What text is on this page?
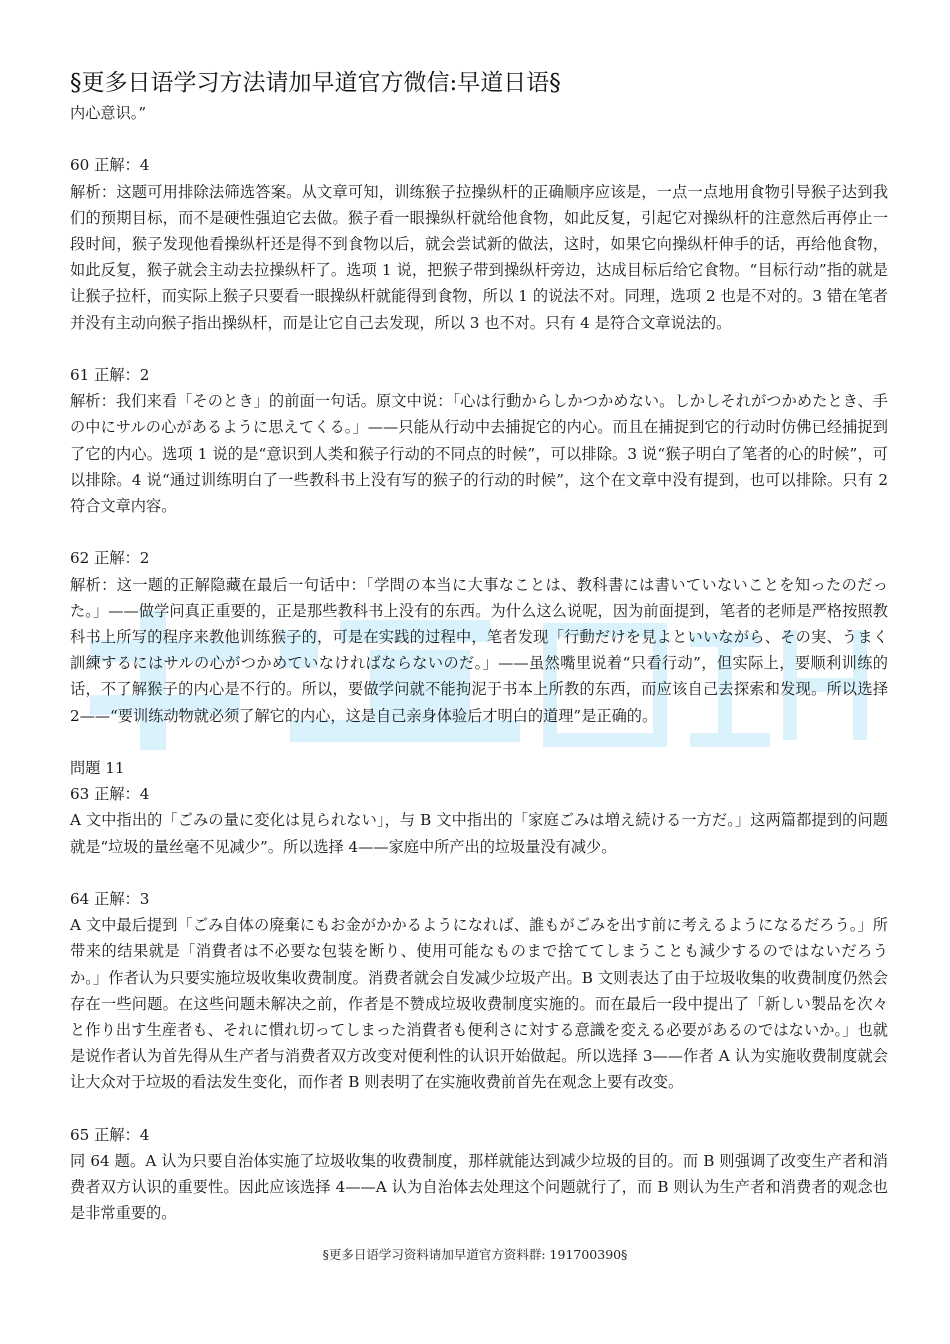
§更多日语学习方法请加早道官方微信:早道日语§

内心意识。”

60 正解：4

解析：这题可用排除法筛选答案。从文章可知，训练猴子拉操纵杆的正确顺序应该是，一点一点地用食物引导猴子达到我们的预期目标，而不是硬性强迫它去做。猴子看一眼操纵杆就给他食物，如此反复，引起它对操纵杆的注意然后再停止一段时间，猴子发现他看操纵杆还是得不到食物以后，就会尝试新的做法，这时，如果它向操纵杆伸手的话，再给他食物，如此反复，猴子就会主动去拉操纵杆了。选项 1 说，把猴子带到操纵杆旁边，达成目标后给它食物。“目标行动”指的就是让猴子拉杆，而实际上猴子只要看一眼操纵杆就能得到食物，所以 1 的说法不对。同理，选项 2 也是不对的。3 错在笔者并没有主动向猴子指出操纵杆，而是让它自己去发现，所以 3 也不对。只有 4 是符合文章说法的。

61 正解：2

解析：我们来看「そのとき」的前面一句话。原文中说：「心は行動からしかつかめない。しかしそれがつかめたとき、手の中にサルの心があるように思えてくる。」——只能从行动中去捕捉它的内心。而且在捕捉到它的行动时仿佛已经捕捉到了它的内心。选项 1 说的是“意识到人类和猴子行动的不同点的时候”，可以排除。3 说“猴子明白了笔者的心的时候”，可以排除。4 说“通过训练明白了一些教科书上没有写的猴子的行动的时候”，这个在文章中没有提到，也可以排除。只有 2 符合文章内容。

62 正解：2

解析：这一题的正解隐藏在最后一句话中：「学問の本当に大事なことは、教科書には書いていないことを知ったのだった。」——做学问真正重要的，正是那些教科书上没有的东西。为什么这么说呢，因为前面提到，笔者的老师是严格按照教科书上所写的程序来教他训练猴子的，可是在实践的过程中，笔者发现「行動だけを見よといいながら、その実、うまく訓練するにはサルの心がつかめていなければならないのだ。」——虽然嘴里说着“只看行动”，但实际上，要顺利训练的话，不了解猴子的内心是不行的。所以，要做学问就不能拘泥于书本上所教的东西，而应该自己去探索和发现。所以选择 2——“要训练动物就必须了解它的内心，这是自己亲身体验后才明白的道理”是正确的。

問題 11

63 正解：4

A 文中指出的「ごみの量に変化は見られない」，与 B 文中指出的「家庭ごみは増え続ける一方だ。」这两篇都提到的问题就是“垃圾的量丝毫不见减少”。所以选择 4——家庭中所产出的垃圾量没有减少。

64 正解：3

A 文中最后提到「ごみ自体の廃棄にもお金がかかるようになれば、誰もがごみを出す前に考えるようになるだろう。」所带来的结果就是「消費者は不必要な包装を断り、使用可能なものまで捨ててしまうことも減少するのではないだろうか。」作者认为只要实施垃圾收集收费制度。消费者就会自发减少垃圾产出。B 文则表达了由于垃圾收集的收费制度仍然会存在一些问题。在这些问题未解决之前，作者是不赞成垃圾收费制度实施的。而在最后一段中提出了「新しい製品を次々と作り出す生産者も、それに慣れ切ってしまった消費者も便利さに対する意識を変える必要があるのではないか。」也就是说作者认为首先得从生产者与消费者双方改变对便利性的认识开始做起。所以选择 3——作者 A 认为实施收费制度就会让大众对于垃圾的看法发生变化，而作者 B 则表明了在实施收费前首先在观念上要有改变。

65 正解：4

同 64 题。A 认为只要自治体实施了垃圾收集的收费制度，那样就能达到减少垃圾的目的。而 B 则强调了改变生产者和消费者双方认识的重要性。因此应该选择 4——A 认为自治体去处理这个问题就行了，而 B 则认为生产者和消费者的观念也是非常重要的。

§更多日语学习资料请加早道官方资料群: 191700390§
